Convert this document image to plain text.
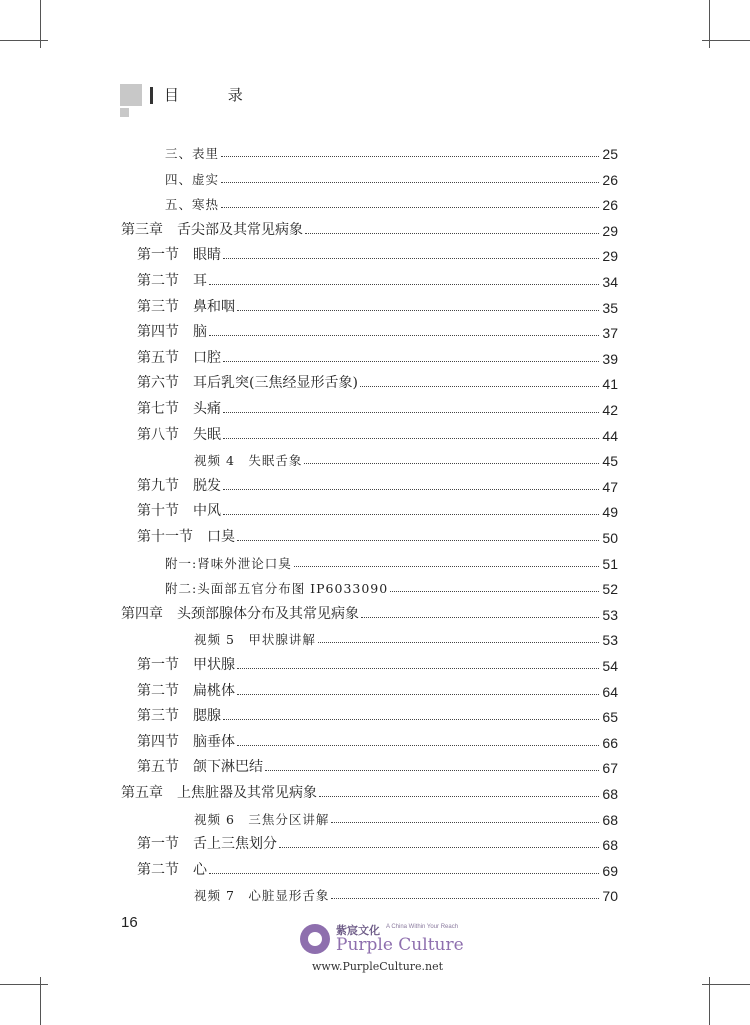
目 录
三、表里	25
四、虚实	26
五、寒热	26
第三章　舌尖部及其常见病象	29
第一节　眼睛	29
第二节　耳	34
第三节　鼻和咽	35
第四节　脑	37
第五节　口腔	39
第六节　耳后乳突(三焦经显形舌象)	41
第七节　头痛	42
第八节　失眠	44
视频 4　失眠舌象	45
第九节　脱发	47
第十节　中风	49
第十一节　口臭	50
附一:肾味外泄论口臭	51
附二:头面部五官分布图 IP6033090	52
第四章　头颈部腺体分布及其常见病象	53
视频 5　甲状腺讲解	53
第一节　甲状腺	54
第二节　扁桃体	64
第三节　腮腺	65
第四节　脑垂体	66
第五节　颌下淋巴结	67
第五章　上焦脏器及其常见病象	68
视频 6　三焦分区讲解	68
第一节　舌上三焦划分	68
第二节　心	69
视频 7　心脏显形舌象	70
16	紫宸文化 A China Within Your Reach
Purple Culture
www.PurpleCulture.net
